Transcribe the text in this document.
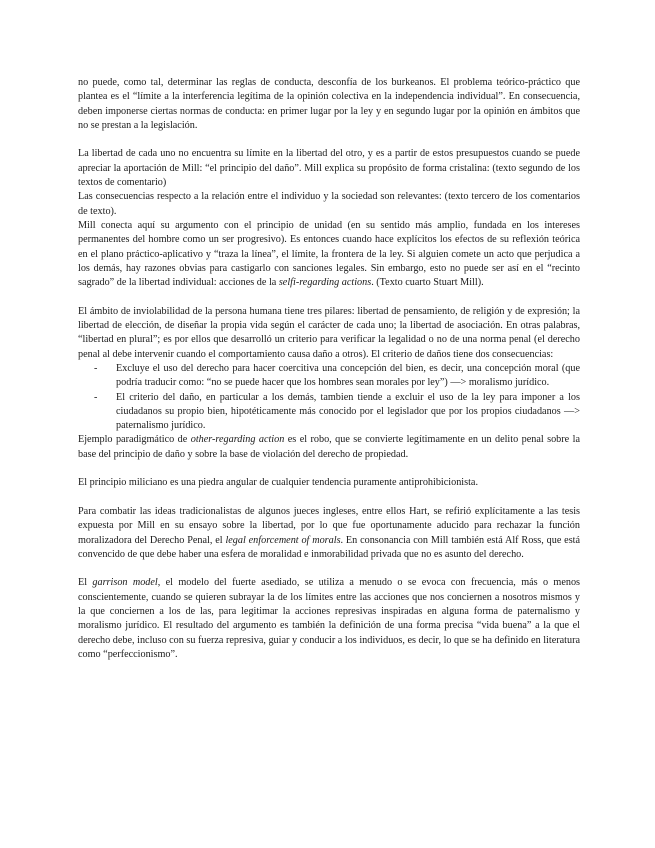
no puede, como tal, determinar las reglas de conducta, desconfía de los burkeanos. El problema teórico-práctico que plantea es el “límite a la interferencia legítima de la opinión colectiva en la independencia individual”. En consecuencia, deben imponerse ciertas normas de conducta: en primer lugar por la ley y en segundo lugar por la opinión en ámbitos que no se prestan a la legislación.

La libertad de cada uno no encuentra su límite en la libertad del otro, y es a partir de estos presupuestos cuando se puede apreciar la aportación de Mill: “el principio del daño”. Mill explica su propósito de forma cristalina: (texto segundo de los textos de comentario)

Las consecuencias respecto a la relación entre el individuo y la sociedad son relevantes: (texto tercero de los comentarios de texto).

Mill conecta aquí su argumento con el principio de unidad (en su sentido más amplio, fundada en los intereses permanentes del hombre como un ser progresivo). Es entonces cuando hace explícitos los efectos de su reflexión teórica en el plano práctico-aplicativo y “traza la línea”, el límite, la frontera de la ley. Si alguien comete un acto que perjudica a los demás, hay razones obvias para castigarlo con sanciones legales. Sin embargo, esto no puede ser así en el “recinto sagrado” de la libertad individual: acciones de la selfi-regarding actions. (Texto cuarto Stuart Mill).

El ámbito de inviolabilidad de la persona humana tiene tres pilares: libertad de pensamiento, de religión y de expresión; la libertad de elección, de diseñar la propia vida según el carácter de cada uno; la libertad de asociación. En otras palabras, “libertad en plural”; es por ellos que desarrolló un criterio para verificar la legalidad o no de una norma penal (el derecho penal al debe intervenir cuando el comportamiento causa daño a otros). El criterio de daños tiene dos consecuencias:

- Excluye el uso del derecho para hacer coercitiva una concepción del bien, es decir, una concepción moral (que podría traducir como: “no se puede hacer que los hombres sean morales por ley”) —> moralismo jurídico.
- El criterio del daño, en particular a los demás, tambien tiende a excluir el uso de la ley para imponer a los ciudadanos su propio bien, hipotéticamente más conocido por el legislador que por los propios ciudadanos —> paternalismo jurídico.

Ejemplo paradigmático de other-regarding action es el robo, que se convierte legítimamente en un delito penal sobre la base del principio de daño y sobre la base de violación del derecho de propiedad.

El principio miliciano es una piedra angular de cualquier tendencia puramente antiprohibicionista.

Para combatir las ideas tradicionalistas de algunos jueces ingleses, entre ellos Hart, se refirió explícitamente a las tesis expuesta por Mill en su ensayo sobre la libertad, por lo que fue oportunamente aducido para rechazar la función moralizadora del Derecho Penal, el legal enforcement of morals. En consonancia con Mill también está Alf Ross, que está convencido de que debe haber una esfera de moralidad e inmorabilidad privada que no es asunto del derecho.

El garrison model, el modelo del fuerte asediado, se utiliza a menudo o se evoca con frecuencia, más o menos conscientemente, cuando se quieren subrayar la de los límites entre las acciones que nos conciernen a nosotros mismos y la que conciernen a los de las, para legitimar la acciones represivas inspiradas en alguna forma de paternalismo y moralismo jurídico. El resultado del argumento es también la definición de una forma precisa “vida buena” a la que el derecho debe, incluso con su fuerza represiva, guiar y conducir a los individuos, es decir, lo que se ha definido en literatura como “perfeccionismo”.
